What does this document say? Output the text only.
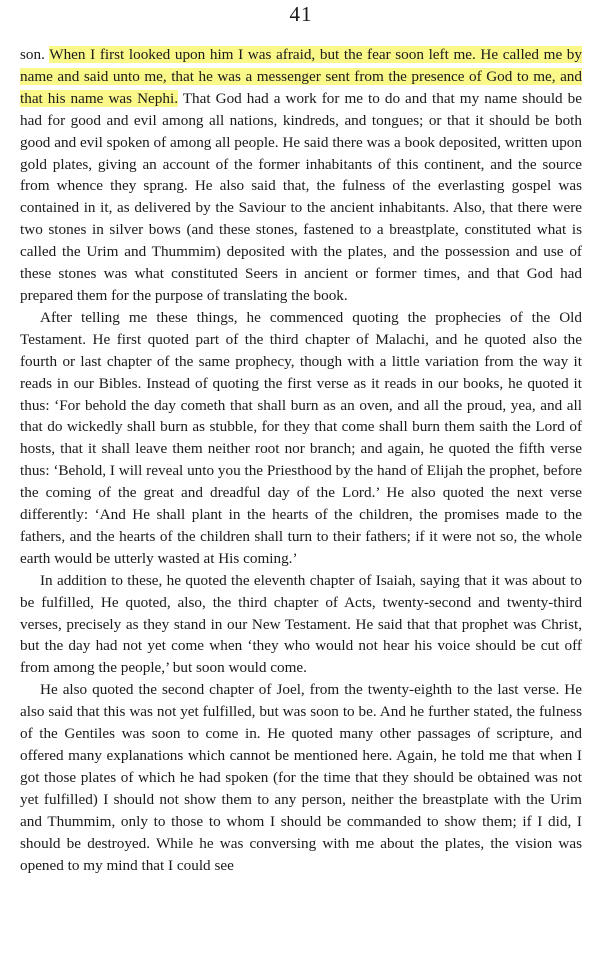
41

son. When I first looked upon him I was afraid, but the fear soon left me. He called me by name and said unto me, that he was a messenger sent from the presence of God to me, and that his name was Nephi. That God had a work for me to do and that my name should be had for good and evil among all nations, kindreds, and tongues; or that it should be both good and evil spoken of among all people. He said there was a book deposited, written upon gold plates, giving an account of the former inhabitants of this continent, and the source from whence they sprang. He also said that, the fulness of the everlasting gospel was contained in it, as delivered by the Saviour to the ancient inhabitants. Also, that there were two stones in silver bows (and these stones, fastened to a breastplate, constituted what is called the Urim and Thummim) deposited with the plates, and the possession and use of these stones was what constituted Seers in ancient or former times, and that God had prepared them for the purpose of translating the book.

After telling me these things, he commenced quoting the prophecies of the Old Testament. He first quoted part of the third chapter of Malachi, and he quoted also the fourth or last chapter of the same prophecy, though with a little variation from the way it reads in our Bibles. Instead of quoting the first verse as it reads in our books, he quoted it thus: ‘For behold the day cometh that shall burn as an oven, and all the proud, yea, and all that do wickedly shall burn as stubble, for they that come shall burn them saith the Lord of hosts, that it shall leave them neither root nor branch; and again, he quoted the fifth verse thus: ‘Behold, I will reveal unto you the Priesthood by the hand of Elijah the prophet, before the coming of the great and dreadful day of the Lord.’ He also quoted the next verse differently: ‘And He shall plant in the hearts of the children, the promises made to the fathers, and the hearts of the children shall turn to their fathers; if it were not so, the whole earth would be utterly wasted at His coming.’

In addition to these, he quoted the eleventh chapter of Isaiah, saying that it was about to be fulfilled, He quoted, also, the third chapter of Acts, twenty-second and twenty-third verses, precisely as they stand in our New Testament. He said that that prophet was Christ, but the day had not yet come when ‘they who would not hear his voice should be cut off from among the people,’ but soon would come.

He also quoted the second chapter of Joel, from the twenty-eighth to the last verse. He also said that this was not yet fulfilled, but was soon to be. And he further stated, the fulness of the Gentiles was soon to come in. He quoted many other passages of scripture, and offered many explanations which cannot be mentioned here. Again, he told me that when I got those plates of which he had spoken (for the time that they should be obtained was not yet fulfilled) I should not show them to any person, neither the breastplate with the Urim and Thummim, only to those to whom I should be commanded to show them; if I did, I should be destroyed. While he was conversing with me about the plates, the vision was opened to my mind that I could see
